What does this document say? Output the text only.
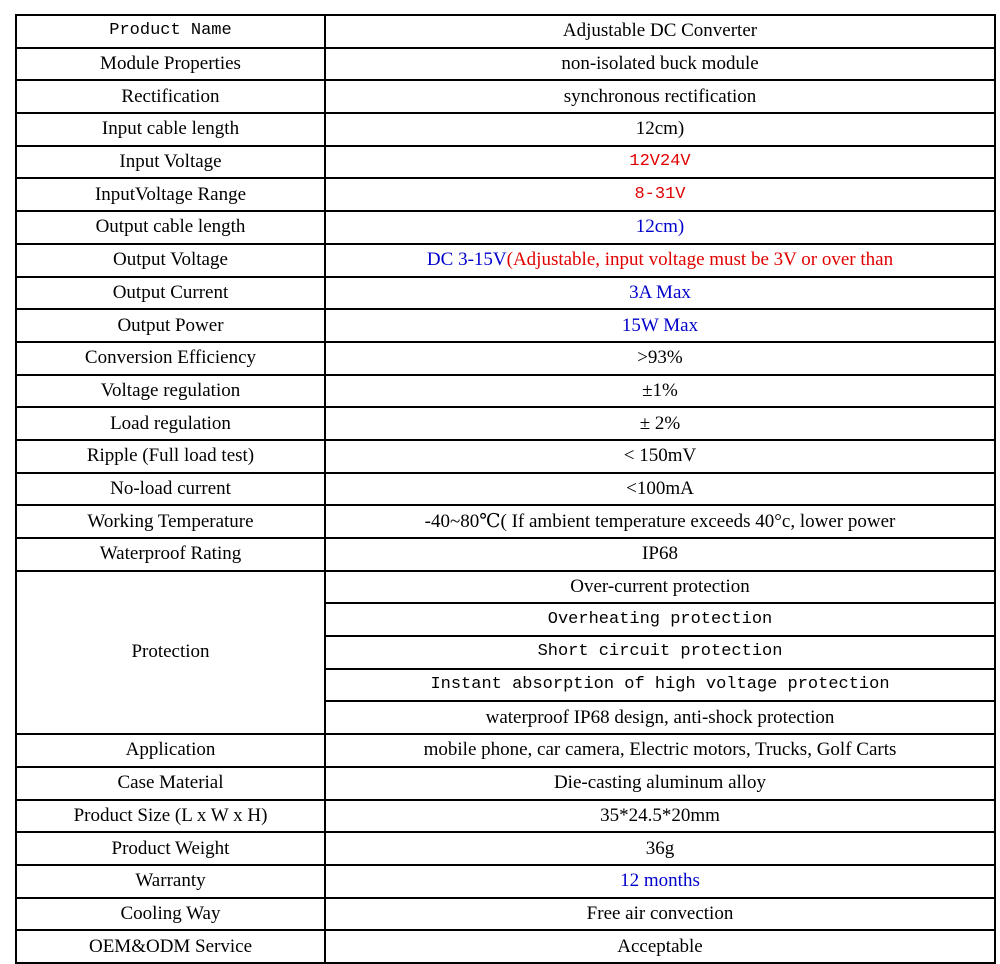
Product Name	Adjustable DC Converter
Module Properties	non-isolated buck module
Rectification	synchronous rectification
Input cable length	12cm)
Input Voltage	12V24V
InputVoltage Range	8-31V
Output cable length	12cm)
Output Voltage	DC 3-15V(Adjustable, input voltage must be 3V or over than
Output Current	3A Max
Output Power	15W Max
Conversion Efficiency	>93%
Voltage regulation	±1%
Load regulation	± 2%
Ripple (Full load test)	< 150mV
No-load current	<100mA
Working Temperature	-40~80℃( If ambient temperature exceeds 40°c, lower power
Waterproof Rating	IP68
Protection	Over-current protection
	Overheating protection
	Short circuit protection
	Instant absorption of high voltage protection
	waterproof IP68 design, anti-shock protection
Application	mobile phone, car camera, Electric motors, Trucks, Golf Carts
Case Material	Die-casting aluminum alloy
Product Size (L x W x H)	35*24.5*20mm
Product Weight	36g
Warranty	12 months
Cooling Way	Free air convection
OEM&ODM Service	Acceptable
